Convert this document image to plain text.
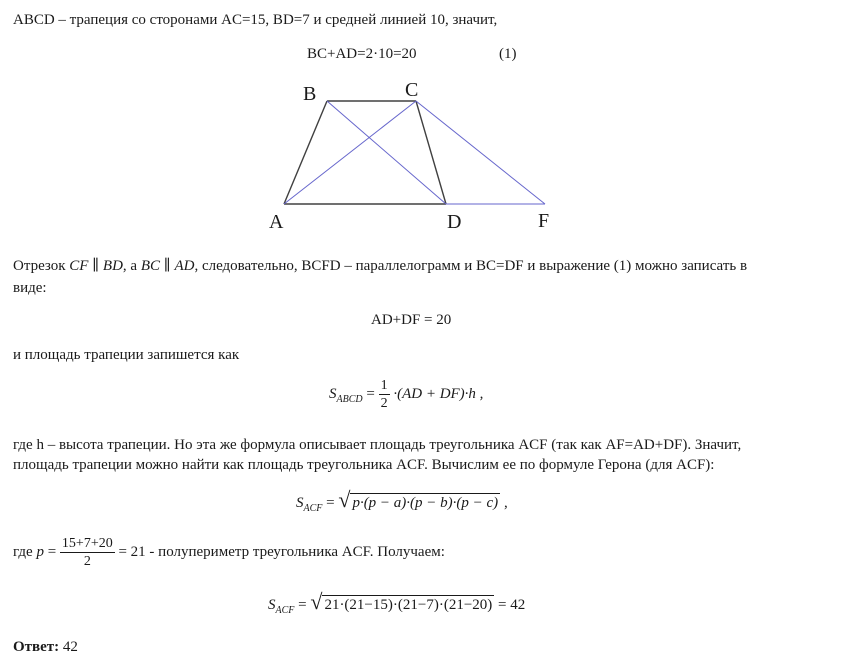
ABCD – трапеция со сторонами AC=15, BD=7 и средней линией 10, значит,
BC+AD=2·10=20	(1)
B	C
A	D	F
Отрезок CF ∥ BD, а BC ∥ AD, следовательно, BCFD – параллелограмм и BC=DF и выражение (1) можно записать в
виде:
AD+DF = 20
и площадь трапеции запишется как
$S_{ABCD} = \frac{1}{2} \cdot(AD + DF)\cdot h$ ,
где h – высота трапеции. Но эта же формула описывает площадь треугольника ACF (так как AF=AD+DF). Значит,
площадь трапеции можно найти как площадь треугольника ACF. Вычислим ее по формуле Герона (для ACF):
$S_{ACF}$ = √ p·(p − a)·(p − b)·(p − c) ,
где $p = \frac{15+7+20}{2} = 21$ - полупериметр треугольника ACF. Получаем:
$S_{ACF}$ = √ 21·(21−15)·(21−7)·(21−20) = 42
Ответ: 42
